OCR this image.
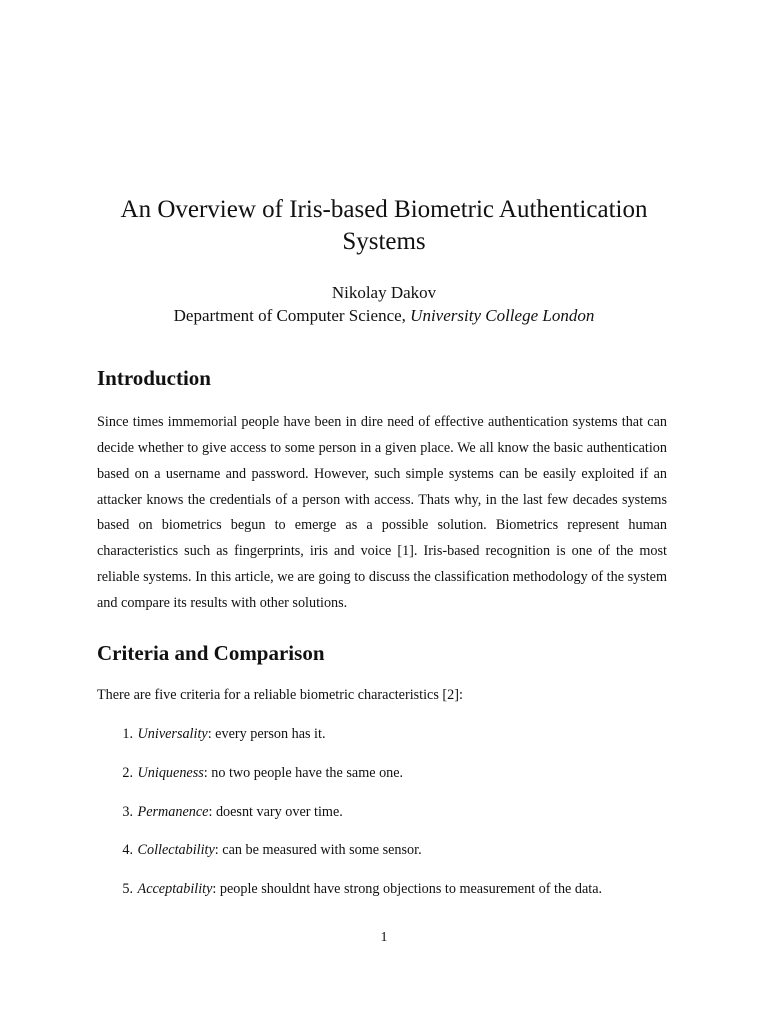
An Overview of Iris-based Biometric Authentication Systems
Nikolay Dakov
Department of Computer Science, University College London
Introduction

Since times immemorial people have been in dire need of effective authentication systems that can decide whether to give access to some person in a given place. We all know the basic authentication based on a username and password. However, such simple systems can be easily exploited if an attacker knows the credentials of a person with access. Thats why, in the last few decades systems based on biometrics begun to emerge as a possible solution. Biometrics represent human characteristics such as fingerprints, iris and voice [1]. Iris-based recognition is one of the most reliable systems. In this article, we are going to discuss the classification methodology of the system and compare its results with other solutions.

Criteria and Comparison

There are five criteria for a reliable biometric characteristics [2]:

1. Universality: every person has it.
2. Uniqueness: no two people have the same one.
3. Permanence: doesnt vary over time.
4. Collectability: can be measured with some sensor.
5. Acceptability: people shouldnt have strong objections to measurement of the data.
1
